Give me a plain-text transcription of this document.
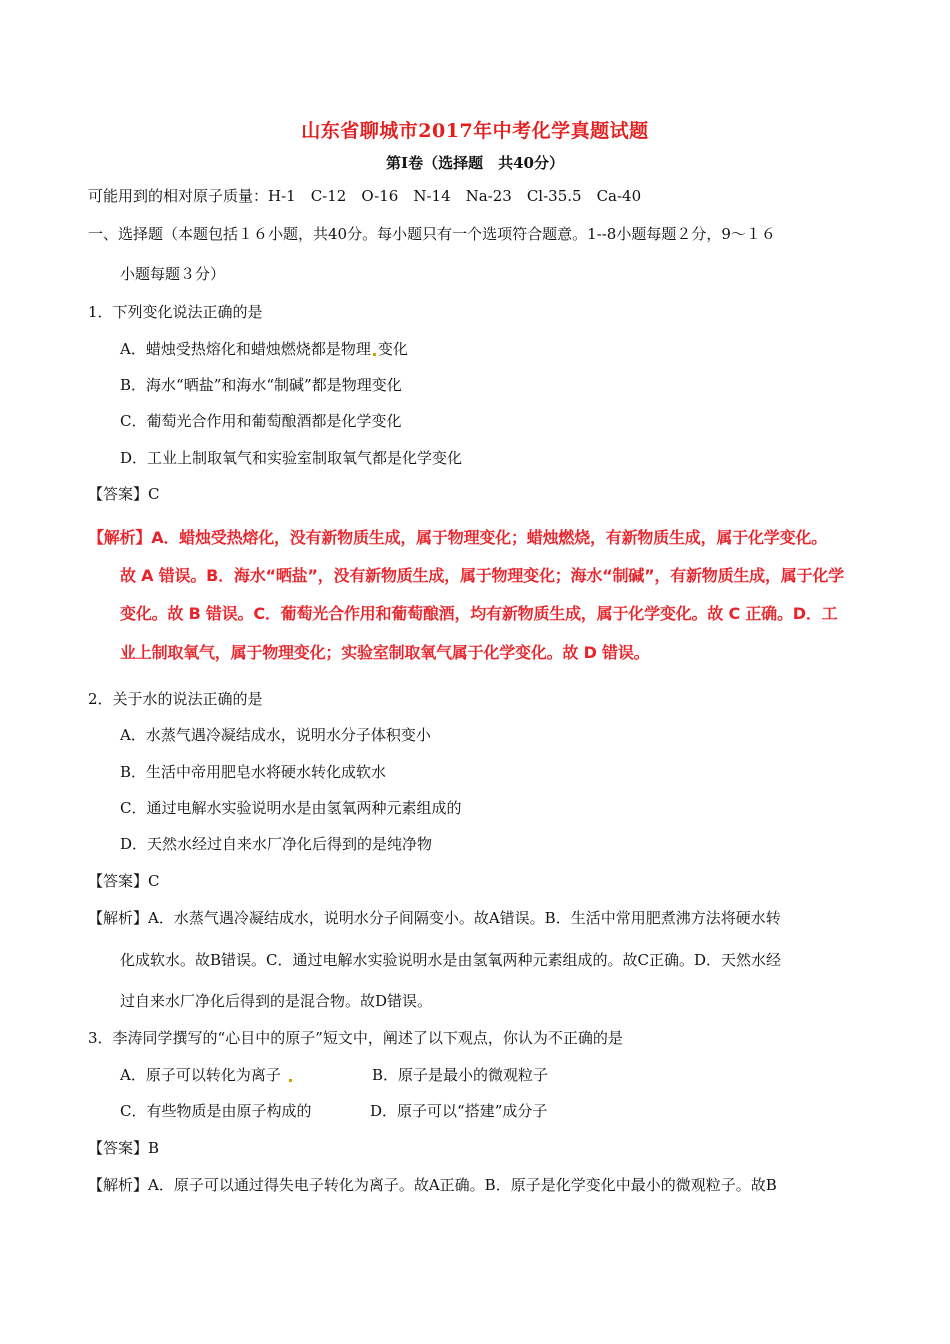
山东省聊城市2017年中考化学真题试题
第Ⅰ卷（选择题　共40分）
可能用到的相对原子质量：H-1　C-12　O-16　N-14　Na-23　Cl-35.5　Ca-40
一、选择题（本题包括１６小题，共40分。每小题只有一个选项符合题意。1--8小题每题２分，9～１６
小题每题３分）
1．下列变化说法正确的是
A．蜡烛受热熔化和蜡烛燃烧都是物理 变化
B．海水“晒盐”和海水“制碱”都是物理变化
C．葡萄光合作用和葡萄酿酒都是化学变化
D．工业上制取氧气和实验室制取氧气都是化学变化
【答案】C
【解析】A．蜡烛受热熔化，没有新物质生成，属于物理变化；蜡烛燃烧，有新物质生成，属于化学变化。
故 A 错误。B．海水“晒盐”，没有新物质生成，属于物理变化；海水“制碱”，有新物质生成，属于化学
变化。故 B 错误。C．葡萄光合作用和葡萄酿酒，均有新物质生成，属于化学变化。故 C 正确。D．工
业上制取氧气，属于物理变化；实验室制取氧气属于化学变化。故 D 错误。
2．关于水的说法正确的是
A．水蒸气遇冷凝结成水，说明水分子体积变小
B．生活中帝用肥皂水将硬水转化成软水
C．通过电解水实验说明水是由氢氧两种元素组成的
D．天然水经过自来水厂净化后得到的是纯净物
【答案】C
【解析】A．水蒸气遇冷凝结成水，说明水分子间隔变小。故A错误。B．生活中常用肥煮沸方法将硬水转
化成软水。故B错误。C．通过电解水实验说明水是由氢氧两种元素组成的。故C正确。D．天然水经
过自来水厂净化后得到的是混合物。故D错误。
3．李涛同学撰写的“心目中的原子”短文中，阐述了以下观点，你认为不正确的是
A．原子可以转化为离子	B．原子是最小的微观粒子
C．有些物质是由原子构成的	D．原子可以“搭建”成分子
【答案】B
【解析】A．原子可以通过得失电子转化为离子。故A正确。B．原子是化学变化中最小的微观粒子。故B
